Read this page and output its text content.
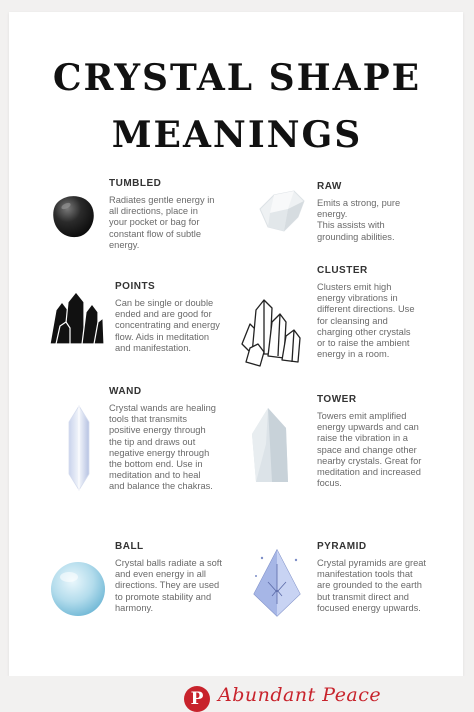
CRYSTAL SHAPE
MEANINGS

TUMBLED

Radiates gentle energy in
all directions, place in
your pocket or bag for
constant flow of subtle
energy.

RAW

Emits a strong, pure
energy.
This assists with
grounding abilities.

POINTS

Can be single or double
ended and are good for
concentrating and energy
flow. Aids in meditation
and manifestation.

CLUSTER

Clusters emit high
energy vibrations in
different directions. Use
for cleansing and
charging other crystals
or to raise the ambient
energy in a room.

WAND

Crystal wands are healing
tools that transmits
positive energy through
the tip and draws out
negative energy through
the bottom end. Use in
meditation and to heal
and balance the chakras.

TOWER

Towers emit amplified
energy upwards and can
raise the vibration in a
space and change other
nearby crystals. Great for
meditation and increased
focus.

BALL

Crystal balls radiate a soft
and even energy in all
directions. They are used
to promote stability and
harmony.

PYRAMID

Crystal pyramids are great
manifestation tools that
are grounded to the earth
but transmit direct and
focused energy upwards.

P Abundant Peace
